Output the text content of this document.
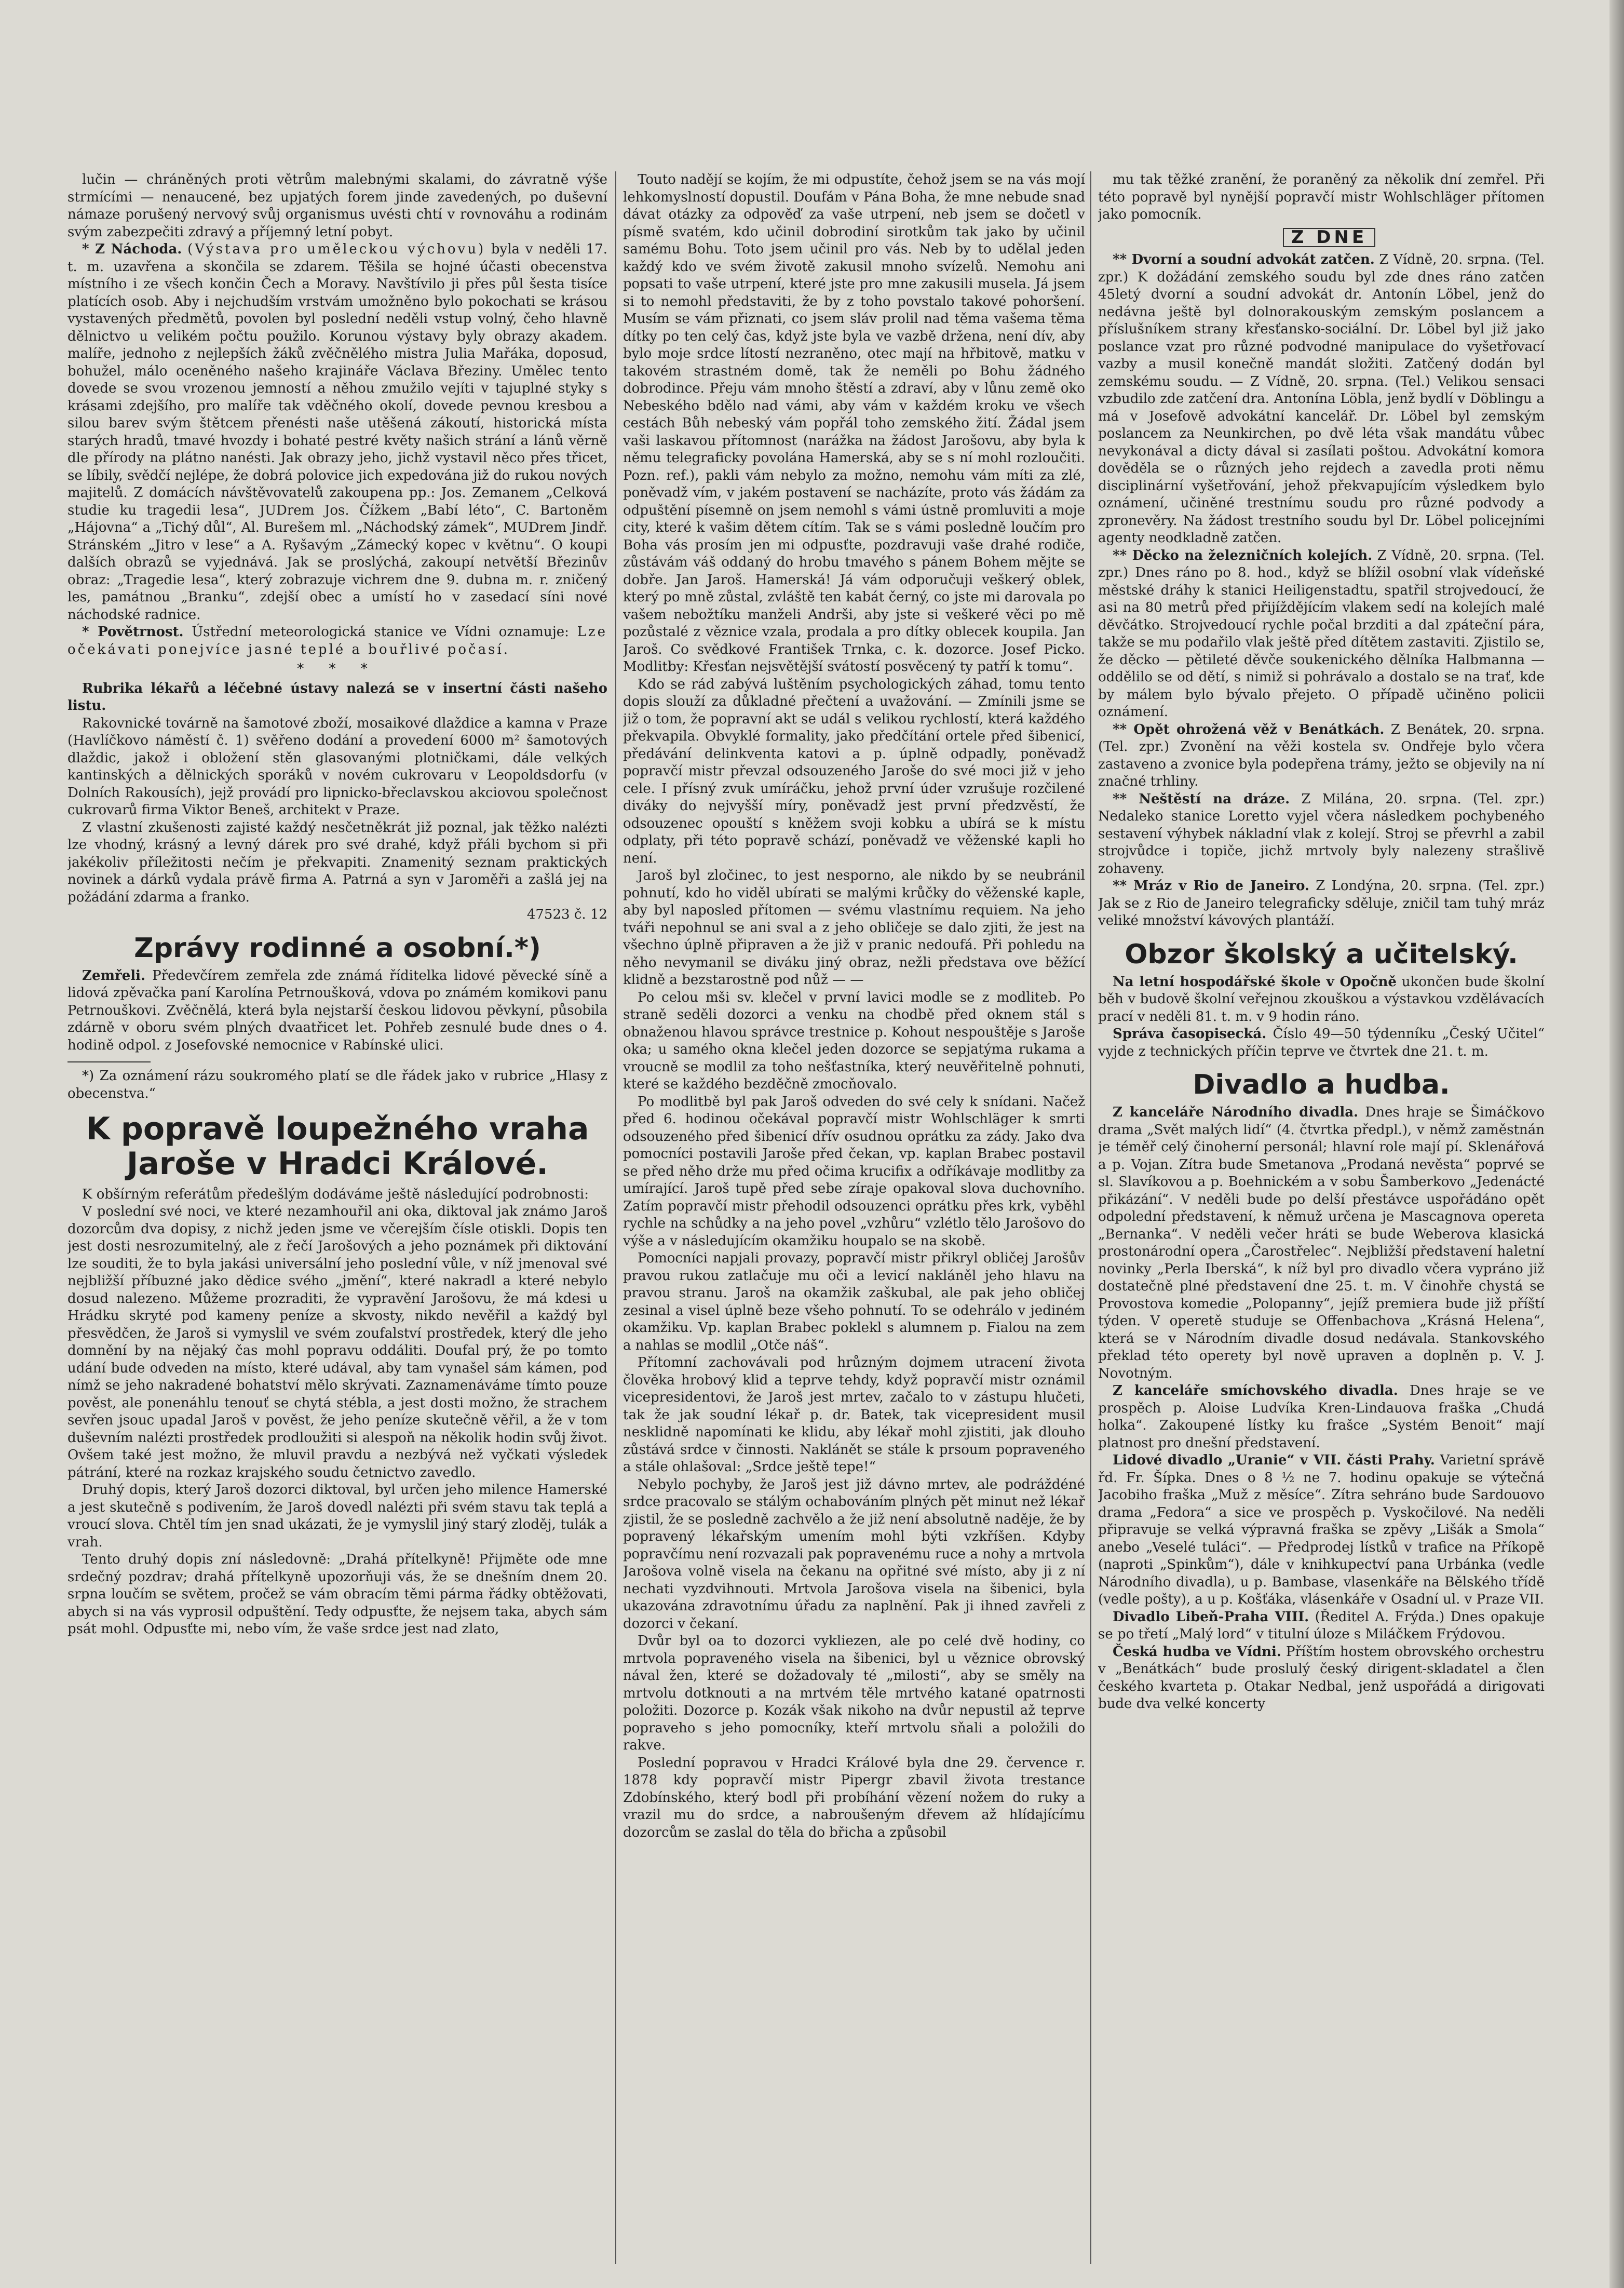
lučin — chráněných proti větrům malebnými skalami, do závratně výše strmícími — nenaucené, bez upjatých forem jinde zavedených, po duševní námaze porušený nervový svůj organismus uvésti chtí v rovnováhu a rodinám svým zabezpečiti zdravý a příjemný letní pobyt.

* Z Náchoda. (Výstava pro uměleckou výchovu) byla v neděli 17. t. m. uzavřena a skončila se zdarem. Těšila se hojné účasti obecenstva místního i ze všech končin Čech a Moravy. Navštívilo ji přes půl šesta tisíce platících osob. Aby i nejchudším vrstvám umožněno bylo pokochati se krásou vystavených předmětů, povolen byl poslední neděli vstup volný, čeho hlavně dělnictvo u velikém počtu použilo. Korunou výstavy byly obrazy akadem. malíře, jednoho z nejlepších žáků zvěčnělého mistra Julia Mařáka, doposud, bohužel, málo oceněného našeho krajináře Václava Březiny. Umělec tento dovede se svou vrozenou jemností a něhou zmužilo vejíti v tajuplné styky s krásami zdejšího, pro malíře tak vděčného okolí, dovede pevnou kresbou a silou barev svým štětcem přenésti naše utěšená zákoutí, historická místa starých hradů, tmavé hvozdy i bohaté pestré květy našich strání a lánů věrně dle přírody na plátno nanésti. Jak obrazy jeho, jichž vystavil něco přes třicet, se líbily, svědčí nejlépe, že dobrá polovice jich expedována již do rukou nových majitelů. Z domácích návštěvovatelů zakoupena pp.: Jos. Zemanem „Celková studie ku tragedii lesa“, JUDrem Jos. Čížkem „Babí léto“, C. Bartoněm „Hájovna“ a „Tichý důl“, Al. Burešem ml. „Náchodský zámek“, MUDrem Jindř. Stránském „Jitro v lese“ a A. Ryšavým „Zámecký kopec v květnu“. O koupi dalších obrazů se vyjednává. Jak se proslýchá, zakoupí netvětší Březinův obraz: „Tragedie lesa“, který zobrazuje vichrem dne 9. dubna m. r. zničený les, památnou „Branku“, zdejší obec a umístí ho v zasedací síni nové náchodské radnice.

* Povětrnost. Ústřední meteorologická stanice ve Vídni oznamuje: Lze očekávati ponejvíce jasné teplé a bouřlivé počasí.

* * *

Rubrika lékařů a léčebné ústavy nalezá se v insertní části našeho listu.

Rakovnické továrně na šamotové zboží, mosaikové dlaždice a kamna v Praze (Havlíčkovo náměstí č. 1) svěřeno dodání a provedení 6000 m² šamotových dlaždic, jakož i obložení stěn glasovanými plotničkami, dále velkých kantinských a dělnických sporáků v novém cukrovaru v Leopoldsdorfu (v Dolních Rakousích), jejž provádí pro lipnicko-břeclavskou akciovou společnost cukrovarů firma Viktor Beneš, architekt v Praze.

Z vlastní zkušenosti zajisté každý nesčetněkrát již poznal, jak těžko nalézti lze vhodný, krásný a levný dárek pro své drahé, když přáli bychom si při jakékoliv příležitosti nečím je překvapiti. Znamenitý seznam praktických novinek a dárků vydala právě firma A. Patrná a syn v Jaroměři a zašlá jej na požádání zdarma a franko.

47523 č. 12
Zprávy rodinné a osobní.*)

Zemřeli. Předevčírem zemřela zde známá říditelka lidové pěvecké síně a lidová zpěvačka paní Karolína Petrnoušková, vdova po známém komikovi panu Petrnouškovi. Zvěčnělá, která byla nejstarší českou lidovou pěvkyní, působila zdárně v oboru svém plných dvaatřicet let. Pohřeb zesnulé bude dnes o 4. hodině odpol. z Josefovské nemocnice v Rabínské ulici.

*) Za oznámení rázu soukromého platí se dle řádek jako v rubrice „Hlasy z obecenstva.“

K popravě loupežného vraha Jaroše v Hradci Králové.

K obšírným referátům předešlým dodáváme ještě následující podrobnosti:

V poslední své noci, ve které nezamhouřil ani oka, diktoval jak známo Jaroš dozorcům dva dopisy, z nichž jeden jsme ve včerejším čísle otiskli. Dopis ten jest dosti nesrozumitelný, ale z řečí Jarošových a jeho poznámek při diktování lze souditi, že to byla jakási universální jeho poslední vůle, v níž jmenoval své nejbližší příbuzné jako dědice svého „jmění“, které nakradl a které nebylo dosud nalezeno. Můžeme prozraditi, že vypravění Jarošovu, že má kdesi u Hrádku skryté pod kameny peníze a skvosty, nikdo nevěřil a každý byl přesvědčen, že Jaroš si vymyslil ve svém zoufalství prostředek, který dle jeho domnění by na nějaký čas mohl popravu oddáliti. Doufal prý, že po tomto udání bude odveden na místo, které udával, aby tam vynašel sám kámen, pod nímž se jeho nakradené bohatství mělo skrývati. Zaznamenáváme tímto pouze pověst, ale ponenáhlu tenouť se chytá stébla, a jest dosti možno, že strachem sevřen jsouc upadal Jaroš v pověst, že jeho peníze skutečně věřil, a že v tom duševním nalézti prostředek prodloužiti si alespoň na několik hodin svůj život. Ovšem také jest možno, že mluvil pravdu a nezbývá než vyčkati výsledek pátrání, které na rozkaz krajského soudu četnictvo zavedlo.

Druhý dopis, který Jaroš dozorci diktoval, byl určen jeho milence Hamerské a jest skutečně s podivením, že Jaroš dovedl nalézti při svém stavu tak teplá a vroucí slova. Chtěl tím jen snad ukázati, že je vymyslil jiný starý zloděj, tulák a vrah.

Tento druhý dopis zní následovně: „Drahá přítelkyně! Přijměte ode mne srdečný pozdrav; drahá přítelkyně upozorňuji vás, že se dnešním dnem 20. srpna loučím se světem, pročež se vám obracím těmi párma řádky obtěžovati, abych si na vás vyprosil odpuštění. Tedy odpusťte, že nejsem taka, abych sám psát mohl. Odpusťte mi, nebo vím, že vaše srdce jest nad zlato,

Touto nadějí se kojím, že mi odpustíte, čehož jsem se na vás mojí lehkomyslností dopustil. Doufám v Pána Boha, že mne nebude snad dávat otázky za odpověď za vaše utrpení, neb jsem se dočetl v písmě svatém, kdo učinil dobrodiní sirotkům tak jako by učinil samému Bohu. Toto jsem učinil pro vás. Neb by to udělal jeden každý kdo ve svém životě zakusil mnoho svízelů. Nemohu ani popsati to vaše utrpení, které jste pro mne zakusili musela. Já jsem si to nemohl představiti, že by z toho povstalo takové pohoršení. Musím se vám přiznati, co jsem sláv prolil nad těma vašema těma dítky po ten celý čas, když jste byla ve vazbě držena, není dív, aby bylo moje srdce lítostí nezraněno, otec mají na hřbitově, matku v takovém strastném domě, tak že neměli po Bohu žádného dobrodince. Přeju vám mnoho štěstí a zdraví, aby v lůnu země oko Nebeského bdělo nad vámi, aby vám v každém kroku ve všech cestách Bůh nebeský vám popřál toho zemského žití. Žádal jsem vaši laskavou přítomnost (narážka na žádost Jarošovu, aby byla k němu telegraficky povolána Hamerská, aby se s ní mohl rozloučiti. Pozn. ref.), pakli vám nebylo za možno, nemohu vám míti za zlé, poněvadž vím, v jakém postavení se nacházíte, proto vás žádám za odpuštění písemně on jsem nemohl s vámi ústně promluviti a moje city, které k vašim dětem cítím. Tak se s vámi posledně loučím pro Boha vás prosím jen mi odpusťte, pozdravuji vaše drahé rodiče, zůstávám váš oddaný do hrobu tmavého s pánem Bohem mějte se dobře. Jan Jaroš. Hamerská! Já vám odporučuji veškerý oblek, který po mně zůstal, zvláště ten kabát černý, co jste mi darovala po vašem nebožtíku manželi Andrši, aby jste si veškeré věci po mě pozůstalé z věznice vzala, prodala a pro dítky oblecek koupila. Jan Jaroš. Co svědkové František Trnka, c. k. dozorce. Josef Picko. Modlitby: Křesťan nejsvětější svátostí posvěcený ty patří k tomu“.

Kdo se rád zabývá luštěním psychologických záhad, tomu tento dopis slouží za důkladné přečtení a uvažování. — Zmínili jsme se již o tom, že popravní akt se udál s velikou rychlostí, která každého překvapila. Obvyklé formality, jako předčítání ortele před šibenicí, předávání delinkventa katovi a p. úplně odpadly, poněvadž popravčí mistr převzal odsouzeného Jaroše do své moci již v jeho cele. I přísný zvuk umíráčku, jehož první úder vzrušuje rozčilené diváky do nejvyšší míry, poněvadž jest první předzvěstí, že odsouzenec opouští s kněžem svoji kobku a ubírá se k místu odplaty, při této popravě schází, poněvadž ve věženské kapli ho není.

Jaroš byl zločinec, to jest nesporno, ale nikdo by se neubránil pohnutí, kdo ho viděl ubírati se malými krůčky do věženské kaple, aby byl naposled přítomen — svému vlastnímu requiem. Na jeho tváři nepohnul se ani sval a z jeho obličeje se dalo zjiti, že jest na všechno úplně připraven a že již v pranic nedoufá. Při pohledu na něho nevymanil se diváku jiný obraz, nežli představa ove běžící klidně a bezstarostně pod nůž — —

Po celou mši sv. klečel v první lavici modle se z modliteb. Po straně seděli dozorci a venku na chodbě před oknem stál s obnaženou hlavou správce trestnice p. Kohout nespouštěje s Jaroše oka; u samého okna klečel jeden dozorce se sepjatýma rukama a vroucně se modlil za toho nešťastníka, který neuvěřitelně pohnuti, které se každého bezděčně zmocňovalo.

Po modlitbě byl pak Jaroš odveden do své cely k snídani. Načež před 6. hodinou očekával popravčí mistr Wohlschläger k smrti odsouzeného před šibenicí dřív osudnou oprátku za zády. Jako dva pomocníci postavili Jaroše před čekan, vp. kaplan Brabec postavil se před něho drže mu před očima krucifix a odříkávaje modlitby za umírající. Jaroš tupě před sebe zíraje opakoval slova duchovního. Zatím popravčí mistr přehodil odsouzenci oprátku přes krk, vyběhl rychle na schůdky a na jeho povel „vzhůru“ vzlétlo tělo Jarošovo do výše a v následujícím okamžiku houpalo se na skobě.

Pomocníci napjali provazy, popravčí mistr přikryl obličej Jarošův pravou rukou zatlačuje mu oči a levicí nakláněl jeho hlavu na pravou stranu. Jaroš na okamžik zaškubal, ale pak jeho obličej zesinal a visel úplně beze všeho pohnutí. To se odehrálo v jediném okamžiku. Vp. kaplan Brabec poklekl s alumnem p. Fialou na zem a nahlas se modlil „Otče náš“.

Přítomní zachovávali pod hrůzným dojmem utracení života člověka hrobový klid a teprve tehdy, když popravčí mistr oznámil vicepresidentovi, že Jaroš jest mrtev, začalo to v zástupu hlučeti, tak že jak soudní lékař p. dr. Batek, tak vicepresident musil nesklidně napomínati ke klidu, aby lékař mohl zjistiti, jak dlouho zůstává srdce v činnosti. Naklánět se stále k prsoum popraveného a stále ohlašoval: „Srdce ještě tepe!“

Nebylo pochyby, že Jaroš jest již dávno mrtev, ale podráždéné srdce pracovalo se stálým ochabováním plných pět minut než lékař zjistil, že se posledně zachvělo a že již není absolutně naděje, že by popravený lékařským umením mohl býti vzkříšen. Kdyby popravčímu není rozvazali pak popravenému ruce a nohy a mrtvola Jarošova volně visela na čekanu na opřitné své místo, aby ji z ní nechati vyzdvihnouti. Mrtvola Jarošova visela na šibenici, byla ukazována zdravotnímu úřadu za naplnění. Pak ji ihned zavřeli z dozorci v čekaní.

Dvůr byl oa to dozorci vykliezen, ale po celé dvě hodiny, co mrtvola popraveného visela na šibenici, byl u věznice obrovský nával žen, které se dožadovaly té „milosti“, aby se směly na mrtvolu dotknouti a na mrtvém těle mrtvého katané opatrnosti položiti. Dozorce p. Kozák však nikoho na dvůr nepustil až teprve popraveho s jeho pomocníky, kteří mrtvolu sňali a položili do rakve.

Poslední popravou v Hradci Králové byla dne 29. července r. 1878 kdy popravčí mistr Pipergr zbavil života trestance Zdobínského, který bodl při probíhání vězení nožem do ruky a vrazil mu do srdce, a nabroušeným dřevem až hlídajícímu dozorcům se zaslal do těla do břicha a způsobil

mu tak těžké zranění, že poraněný za několik dní zemřel. Při této popravě byl nynější popravčí mistr Wohlschläger přítomen jako pomocník.

Z DNE

** Dvorní a soudní advokát zatčen. Z Vídně, 20. srpna. (Tel. zpr.) K dožádání zemského soudu byl zde dnes ráno zatčen 45letý dvorní a soudní advokát dr. Antonín Löbel, jenž do nedávna ještě byl dolnorakouským zemským poslancem a příslušníkem strany křesťansko-sociální. Dr. Löbel byl již jako poslance vzat pro různé podvodné manipulace do vyšetřovací vazby a musil konečně mandát složiti. Zatčený dodán byl zemskému soudu. — Z Vídně, 20. srpna. (Tel.) Velikou sensaci vzbudilo zde zatčení dra. Antonína Löbla, jenž bydlí v Döblingu a má v Josefově advokátní kancelář. Dr. Löbel byl zemským poslancem za Neunkirchen, po dvě léta však mandátu vůbec nevykonával a dicty dával si zasílati poštou. Advokátní komora dověděla se o různých jeho rejdech a zavedla proti němu disciplinární vyšetřování, jehož překvapujícím výsledkem bylo oznámení, učiněné trestnímu soudu pro různé podvody a zpronevěry. Na žádost trestního soudu byl Dr. Löbel policejními agenty neodkladně zatčen.

** Děcko na železničních kolejích. Z Vídně, 20. srpna. (Tel. zpr.) Dnes ráno po 8. hod., když se blížil osobní vlak vídeňské městské dráhy k stanici Heiligenstadtu, spatřil strojvedoucí, že asi na 80 metrů před přijíždějícím vlakem sedí na kolejích malé děvčátko. Strojvedoucí rychle počal brzditi a dal zpáteční pára, takže se mu podařilo vlak ještě před dítětem zastaviti. Zjistilo se, že děcko — pětileté děvče soukenického dělníka Halbmanna — oddělilo se od dětí, s nimiž si pohrávalo a dostalo se na trať, kde by málem bylo bývalo přejeto. O případě učiněno policii oznámení.

** Opět ohrožená věž v Benátkách. Z Benátek, 20. srpna. (Tel. zpr.) Zvonění na věži kostela sv. Ondřeje bylo včera zastaveno a zvonice byla podepřena trámy, ježto se objevily na ní značné trhliny.

** Neštěstí na dráze. Z Milána, 20. srpna. (Tel. zpr.) Nedaleko stanice Loretto vyjel včera následkem pochybeného sestavení výhybek nákladní vlak z kolejí. Stroj se převrhl a zabil strojvůdce i topiče, jichž mrtvoly byly nalezeny strašlivě zohaveny.

** Mráz v Rio de Janeiro. Z Londýna, 20. srpna. (Tel. zpr.) Jak se z Rio de Janeiro telegraficky sděluje, zničil tam tuhý mráz veliké množství kávových plantáží.

Obzor školský a učitelský.

Na letní hospodářské škole v Opočně ukončen bude školní běh v budově školní veřejnou zkouškou a výstavkou vzdělávacích prací v neděli 81. t. m. v 9 hodin ráno.

Správa časopisecká. Číslo 49—50 týdenníku „Český Učitel“ vyjde z technických příčin teprve ve čtvrtek dne 21. t. m.

Divadlo a hudba.

Z kanceláře Národního divadla. Dnes hraje se Šimáčkovo drama „Svět malých lidí“ (4. čtvrtka předpl.), v němž zaměstnán je téměř celý činoherní personál; hlavní role mají pí. Sklenářová a p. Vojan. Zítra bude Smetanova „Prodaná nevěsta“ poprvé se sl. Slavíkovou a p. Boehnickém a v sobu Šamberkovo „Jedenácté přikázání“. V neděli bude po delší přestávce uspořádáno opět odpolední představení, k němuž určena je Mascagnova opereta „Bernanka“. V neděli večer hráti se bude Weberova klasická prostonárodní opera „Čarostřelec“. Nejbližší představení haletní novinky „Perla Iberská“, k níž byl pro divadlo včera vypráno již dostatečně plné představení dne 25. t. m. V činohře chystá se Provostova komedie „Polopanny“, jejíž premiera bude již příští týden. V operetě studuje se Offenbachova „Krásná Helena“, která se v Národním divadle dosud nedávala. Stankovského překlad této operety byl nově upraven a doplněn p. V. J. Novotným.

Z kanceláře smíchovského divadla. Dnes hraje se ve prospěch p. Aloise Ludvíka Kren-Lindauova fraška „Chudá holka“. Zakoupené lístky ku frašce „Systém Benoit“ mají platnost pro dnešní představení.

Lidové divadlo „Uranie“ v VII. části Prahy. Varietní správě řd. Fr. Šípka. Dnes o 8 ½ ne 7. hodinu opakuje se výtečná Jacobiho fraška „Muž z měsíce“. Zítra sehráno bude Sardouovo drama „Fedora“ a sice ve prospěch p. Vyskočilové. Na neděli připravuje se velká výpravná fraška se zpěvy „Lišák a Smola“ anebo „Veselé tuláci“. — Předprodej lístků v trafice na Příkopě (naproti „Spinkům“), dále v knihkupectví pana Urbánka (vedle Národního divadla), u p. Bambase, vlasenkáře na Bělského třídě (vedle pošty), a u p. Košťáka, vlásenkáře v Osadní ul. v Praze VII.

Divadlo Libeň-Praha VIII. (Ředitel A. Frýda.) Dnes opakuje se po třetí „Malý lord“ v titulní úloze s Miláčkem Frýdovou.

Česká hudba ve Vídni. Příštím hostem obrovského orchestru v „Benátkách“ bude proslulý český dirigent-skladatel a člen českého kvarteta p. Otakar Nedbal, jenž uspořádá a dirigovati bude dva velké koncerty
